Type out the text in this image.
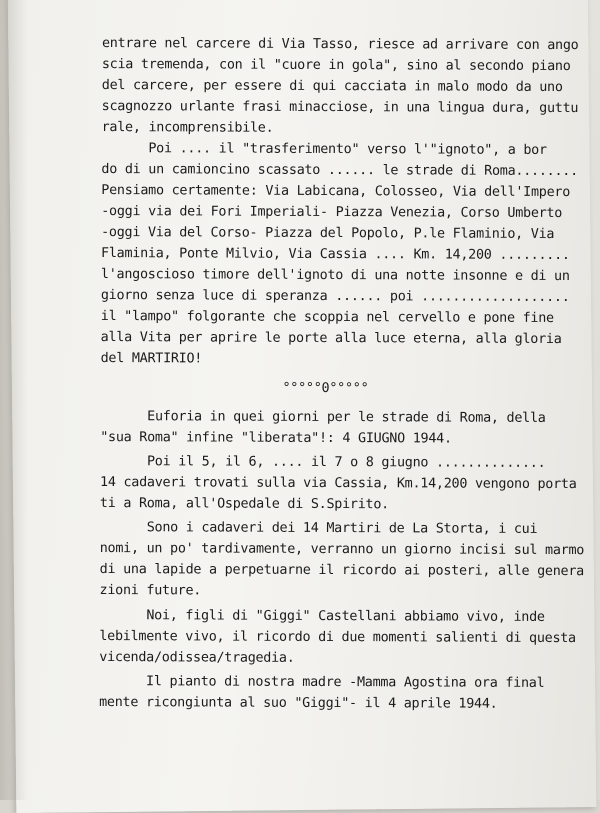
entrare nel carcere di Via Tasso, riesce ad arrivare con ango
scia tremenda, con il "cuore in gola", sino al secondo piano
del carcere, per essere di qui cacciata in malo modo da uno
scagnozzo urlante frasi minacciose, in una lingua dura, guttu
rale, incomprensibile.
Poi .... il "trasferimento" verso l'"ignoto", a bor
do di un camioncino scassato ...... le strade di Roma........
Pensiamo certamente: Via Labicana, Colosseo, Via dell'Impero
-oggi via dei Fori Imperiali- Piazza Venezia, Corso Umberto
-oggi Via del Corso- Piazza del Popolo, P.le Flaminio, Via
Flaminia, Ponte Milvio, Via Cassia .... Km. 14,200 .........
l'angoscioso timore dell'ignoto di una notte insonne e di un
giorno senza luce di speranza ...... poi ...................
il "lampo" folgorante che scoppia nel cervello e pone fine
alla Vita per aprire le porte alla luce eterna, alla gloria
del MARTIRIO!
°°°°°0°°°°°
Euforia in quei giorni per le strade di Roma, della
"sua Roma" infine "liberata"!: 4 GIUGNO 1944.
Poi il 5, il 6, .... il 7 o 8 giugno ..............
14 cadaveri trovati sulla via Cassia, Km.14,200 vengono porta
ti a Roma, all'Ospedale di S.Spirito.
Sono i cadaveri dei 14 Martiri de La Storta, i cui
nomi, un po' tardivamente, verranno un giorno incisi sul marmo
di una lapide a perpetuarne il ricordo ai posteri, alle genera
zioni future.
Noi, figli di "Giggi" Castellani abbiamo vivo, inde
lebilmente vivo, il ricordo di due momenti salienti di questa
vicenda/odissea/tragedia.
Il pianto di nostra madre -Mamma Agostina ora final
mente ricongiunta al suo "Giggi"- il 4 aprile 1944.
